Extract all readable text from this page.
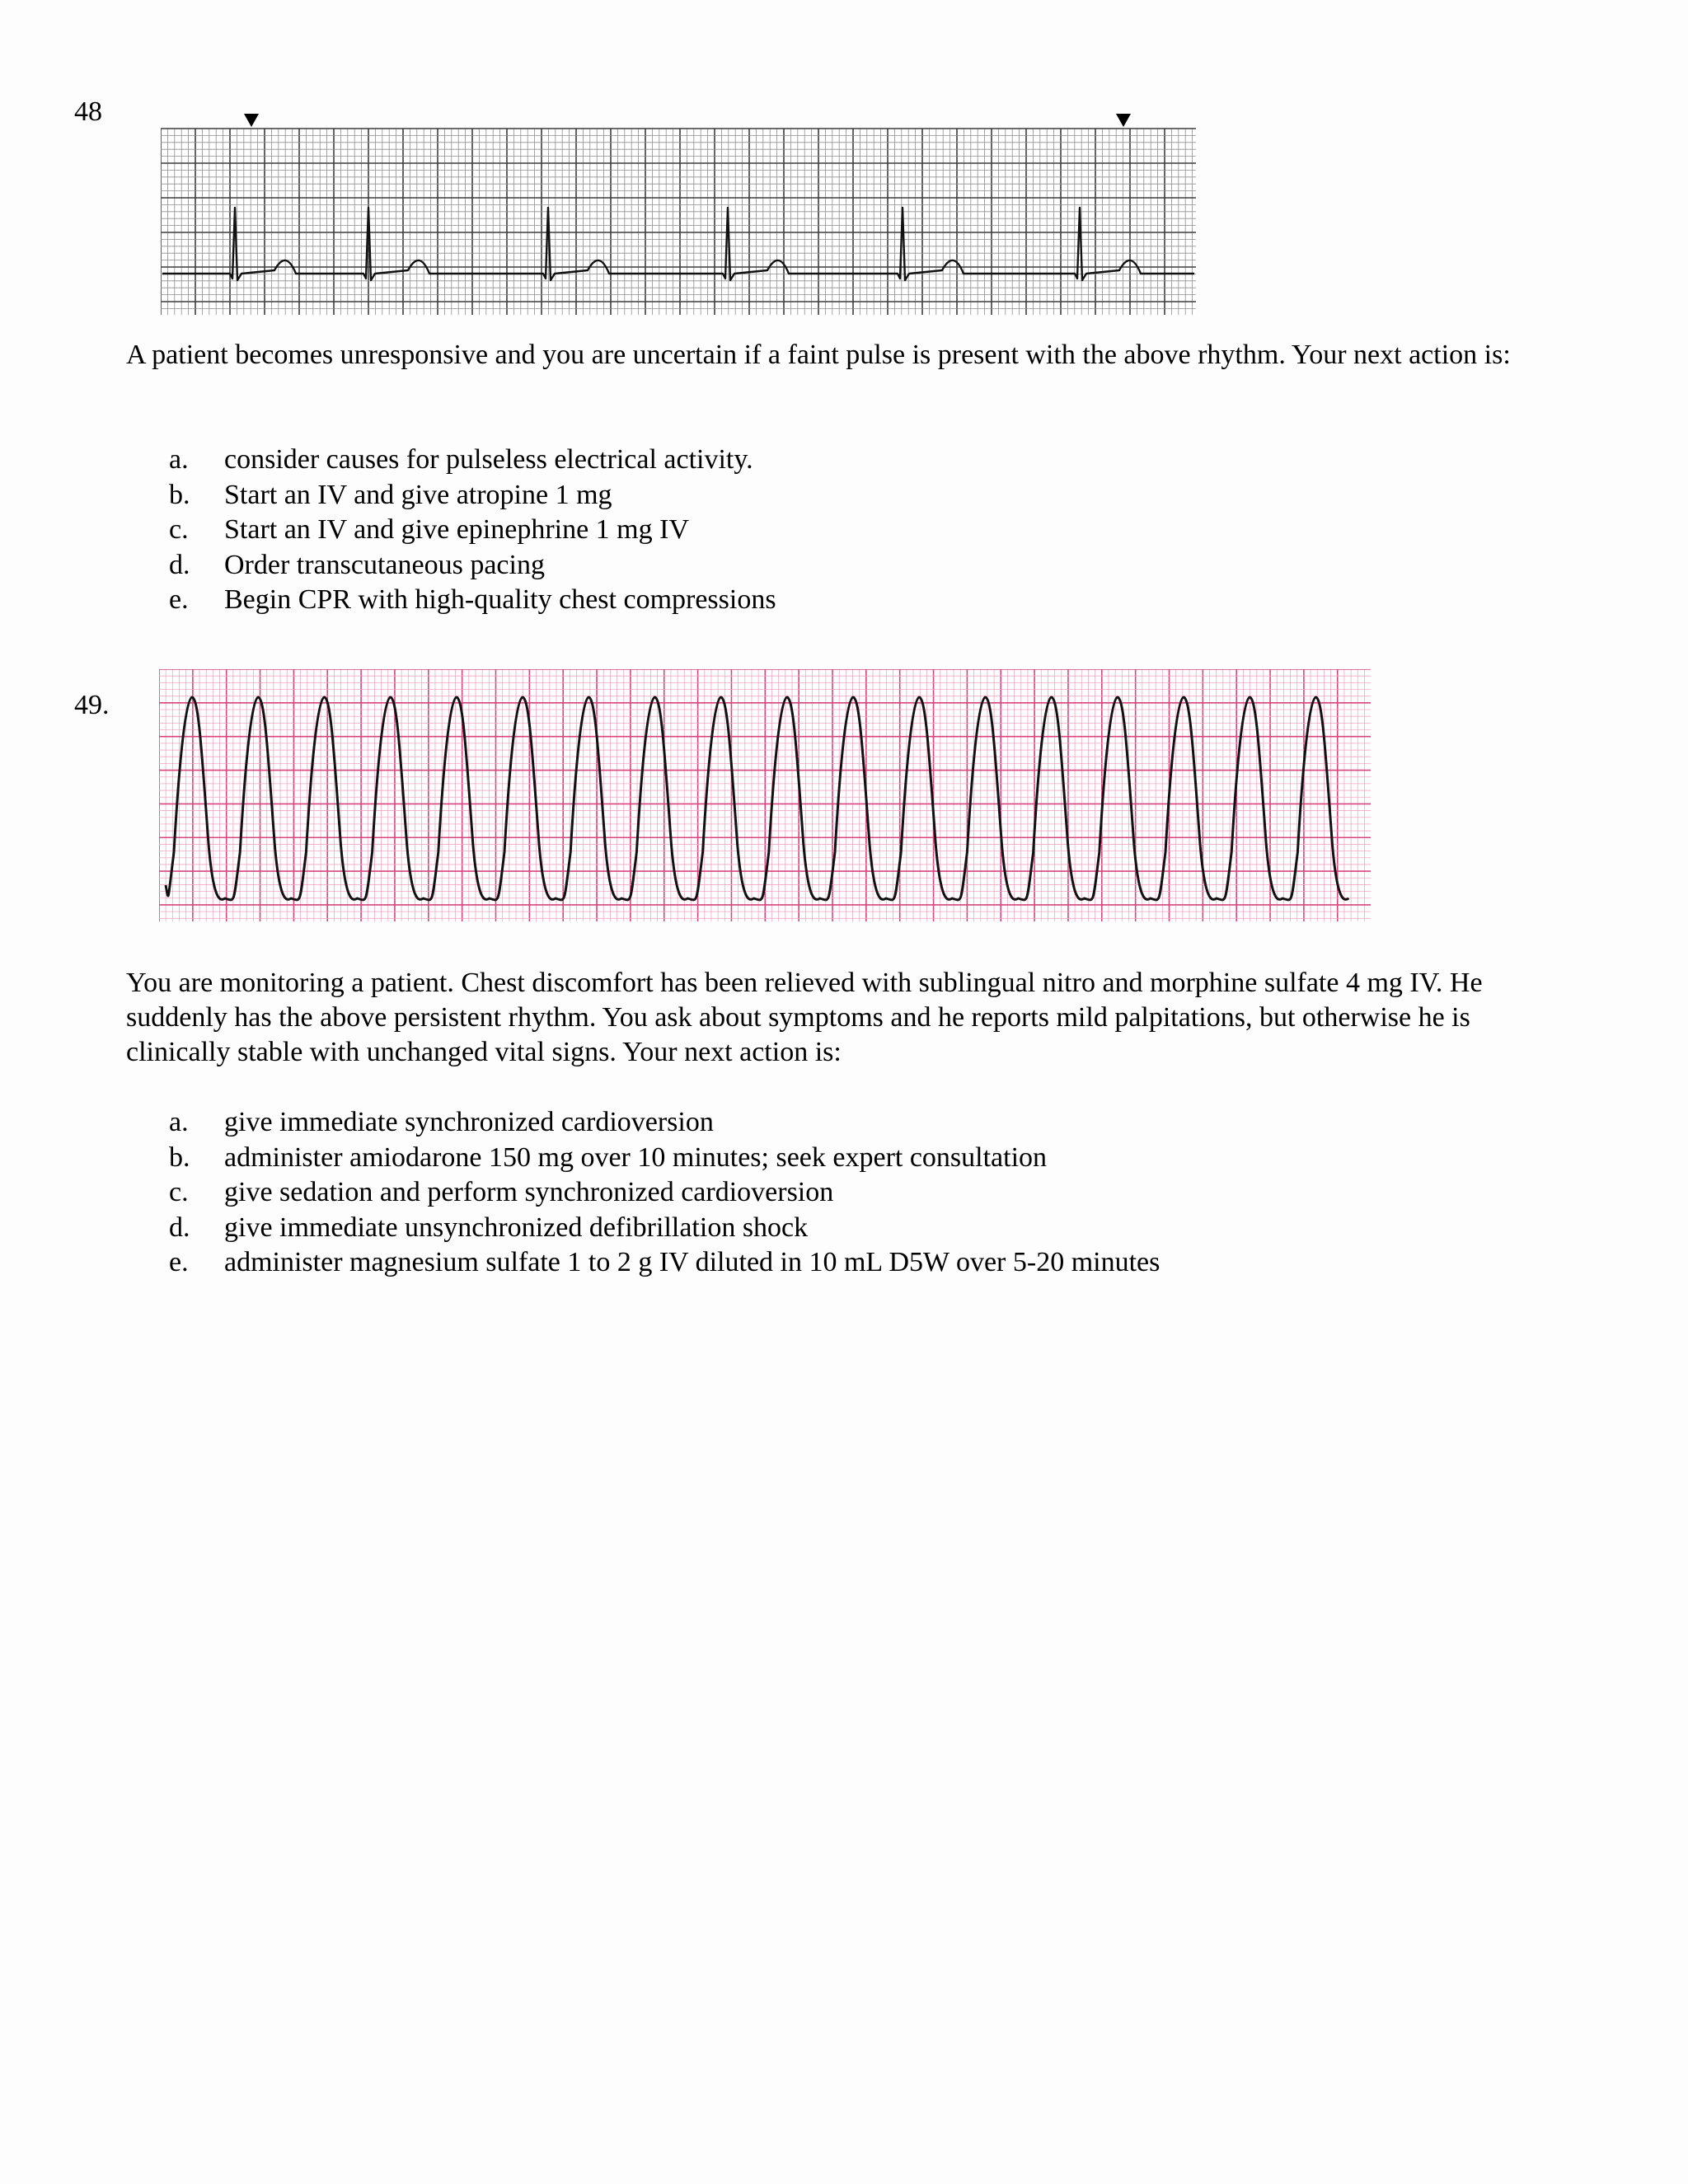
48

A patient becomes unresponsive and you are uncertain if a faint pulse is present with the above rhythm. Your next action is:

a.	consider causes for pulseless electrical activity.
b.	Start an IV and give atropine 1 mg
c.	Start an IV and give epinephrine 1 mg IV
d.	Order transcutaneous pacing
e.	Begin CPR with high-quality chest compressions
49.

You are monitoring a patient. Chest discomfort has been relieved with sublingual nitro and morphine sulfate 4 mg IV. He suddenly has the above persistent rhythm. You ask about symptoms and he reports mild palpitations, but otherwise he is clinically stable with unchanged vital signs. Your next action is:

a.	give immediate synchronized cardioversion
b.	administer amiodarone 150 mg over 10 minutes; seek expert consultation
c.	give sedation and perform synchronized cardioversion
d.	give immediate unsynchronized defibrillation shock
e.	administer magnesium sulfate 1 to 2 g IV diluted in 10 mL D5W over 5-20 minutes
